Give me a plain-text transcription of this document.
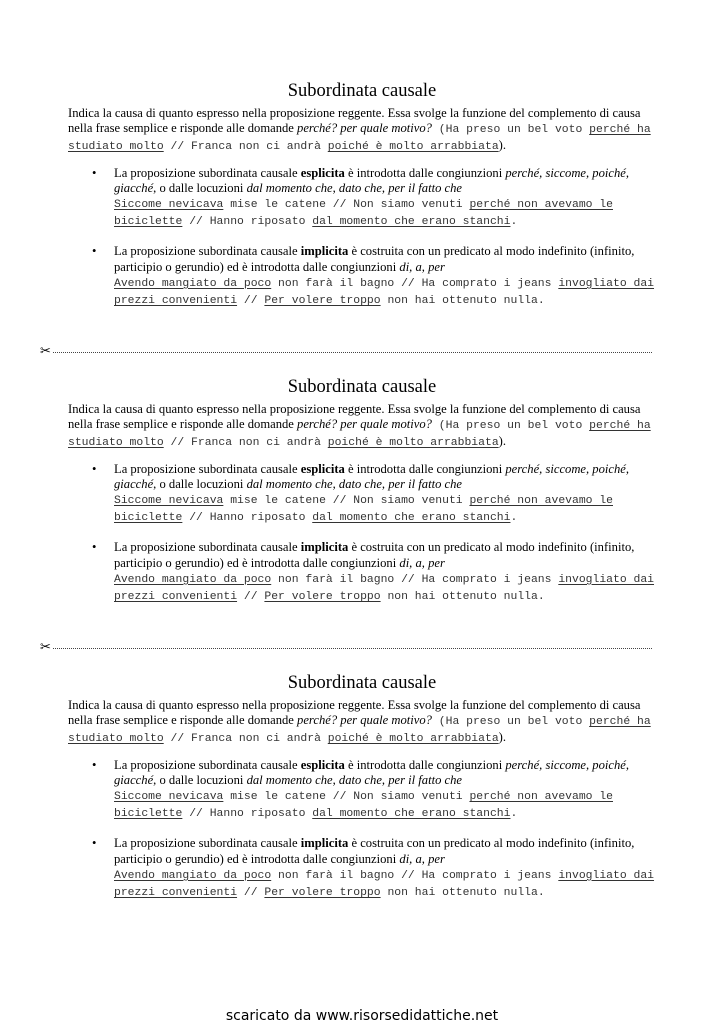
Subordinata causale
Indica la causa di quanto espresso nella proposizione reggente. Essa svolge la funzione del complemento di causa nella frase semplice e risponde alle domande perché? per quale motivo? (Ha preso un bel voto perché ha studiato molto // Franca non ci andrà poiché è molto arrabbiata).
• La proposizione subordinata causale esplicita è introdotta dalle congiunzioni perché, siccome, poiché, giacché, o dalle locuzioni dal momento che, dato che, per il fatto che
Siccome nevicava mise le catene // Non siamo venuti perché non avevamo le biciclette // Hanno riposato dal momento che erano stanchi.
• La proposizione subordinata causale implicita è costruita con un predicato al modo indefinito (infinito, participio o gerundio) ed è introdotta dalle congiunzioni di, a, per
Avendo mangiato da poco non farà il bagno // Ha comprato i jeans invogliato dai prezzi convenienti // Per volere troppo non hai ottenuto nulla.
✂
Subordinata causale
Indica la causa di quanto espresso nella proposizione reggente. Essa svolge la funzione del complemento di causa nella frase semplice e risponde alle domande perché? per quale motivo? (Ha preso un bel voto perché ha studiato molto // Franca non ci andrà poiché è molto arrabbiata).
• La proposizione subordinata causale esplicita è introdotta dalle congiunzioni perché, siccome, poiché, giacché, o dalle locuzioni dal momento che, dato che, per il fatto che
Siccome nevicava mise le catene // Non siamo venuti perché non avevamo le biciclette // Hanno riposato dal momento che erano stanchi.
• La proposizione subordinata causale implicita è costruita con un predicato al modo indefinito (infinito, participio o gerundio) ed è introdotta dalle congiunzioni di, a, per
Avendo mangiato da poco non farà il bagno // Ha comprato i jeans invogliato dai prezzi convenienti // Per volere troppo non hai ottenuto nulla.
✂
Subordinata causale
Indica la causa di quanto espresso nella proposizione reggente. Essa svolge la funzione del complemento di causa nella frase semplice e risponde alle domande perché? per quale motivo? (Ha preso un bel voto perché ha studiato molto // Franca non ci andrà poiché è molto arrabbiata).
• La proposizione subordinata causale esplicita è introdotta dalle congiunzioni perché, siccome, poiché, giacché, o dalle locuzioni dal momento che, dato che, per il fatto che
Siccome nevicava mise le catene // Non siamo venuti perché non avevamo le biciclette // Hanno riposato dal momento che erano stanchi.
• La proposizione subordinata causale implicita è costruita con un predicato al modo indefinito (infinito, participio o gerundio) ed è introdotta dalle congiunzioni di, a, per
Avendo mangiato da poco non farà il bagno // Ha comprato i jeans invogliato dai prezzi convenienti // Per volere troppo non hai ottenuto nulla.
scaricato da www.risorsedidattiche.net
